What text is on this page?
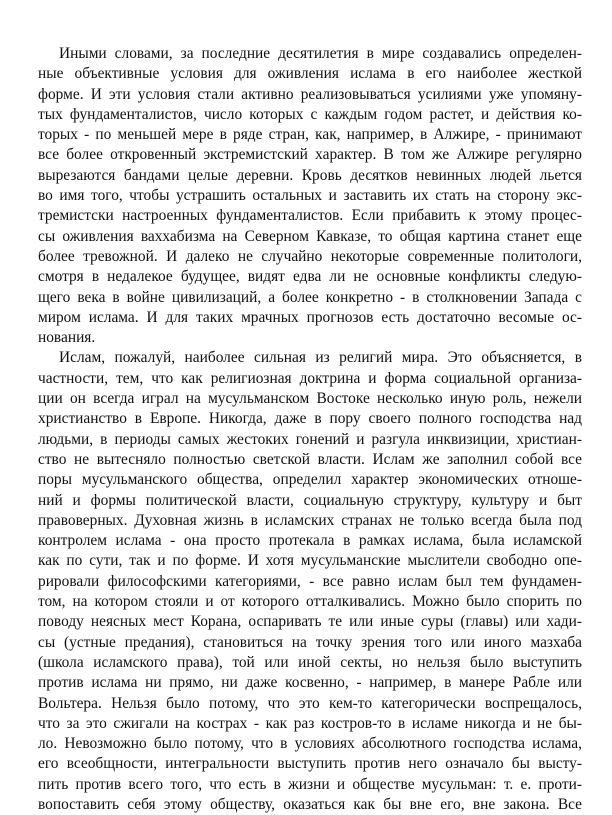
Иными словами, за последние десятилетия в мире создавались определен-
ные объективные условия для оживления ислама в его наиболее жесткой
форме. И эти условия стали активно реализовываться усилиями уже упомяну-
тых фундаменталистов, число которых с каждым годом растет, и действия ко-
торых - по меньшей мере в ряде стран, как, например, в Алжире, - принимают
все более откровенный экстремистский характер. В том же Алжире регулярно
вырезаются бандами целые деревни. Кровь десятков невинных людей льется
во имя того, чтобы устрашить остальных и заставить их стать на сторону экс-
тремистски настроенных фундаменталистов. Если прибавить к этому процес-
сы оживления ваххабизма на Северном Кавказе, то общая картина станет еще
более тревожной. И далеко не случайно некоторые современные политологи,
смотря в недалекое будущее, видят едва ли не основные конфликты следую-
щего века в войне цивилизаций, а более конкретно - в столкновении Запада с
миром ислама. И для таких мрачных прогнозов есть достаточно весомые ос-
нования.
Ислам, пожалуй, наиболее сильная из религий мира. Это объясняется, в
частности, тем, что как религиозная доктрина и форма социальной организа-
ции он всегда играл на мусульманском Востоке несколько иную роль, нежели
христианство в Европе. Никогда, даже в пору своего полного господства над
людьми, в периоды самых жестоких гонений и разгула инквизиции, христиан-
ство не вытесняло полностью светской власти. Ислам же заполнил собой все
поры мусульманского общества, определил характер экономических отноше-
ний и формы политической власти, социальную структуру, культуру и быт
правоверных. Духовная жизнь в исламских странах не только всегда была под
контролем ислама - она просто протекала в рамках ислама, была исламской
как по сути, так и по форме. И хотя мусульманские мыслители свободно опе-
рировали философскими категориями, - все равно ислам был тем фундамен-
том, на котором стояли и от которого отталкивались. Можно было спорить по
поводу неясных мест Корана, оспаривать те или иные суры (главы) или хади-
сы (устные предания), становиться на точку зрения того или иного мазхаба
(школа исламского права), той или иной секты, но нельзя было выступить
против ислама ни прямо, ни даже косвенно, - например, в манере Рабле или
Вольтера. Нельзя было потому, что это кем-то категорически воспрещалось,
что за это сжигали на кострах - как раз костров-то в исламе никогда и не бы-
ло. Невозможно было потому, что в условиях абсолютного господства ислама,
его всеобщности, интегральности выступить против него означало бы высту-
пить против всего того, что есть в жизни и обществе мусульман: т. е. проти-
вопоставить себя этому обществу, оказаться как бы вне его, вне закона. Все
